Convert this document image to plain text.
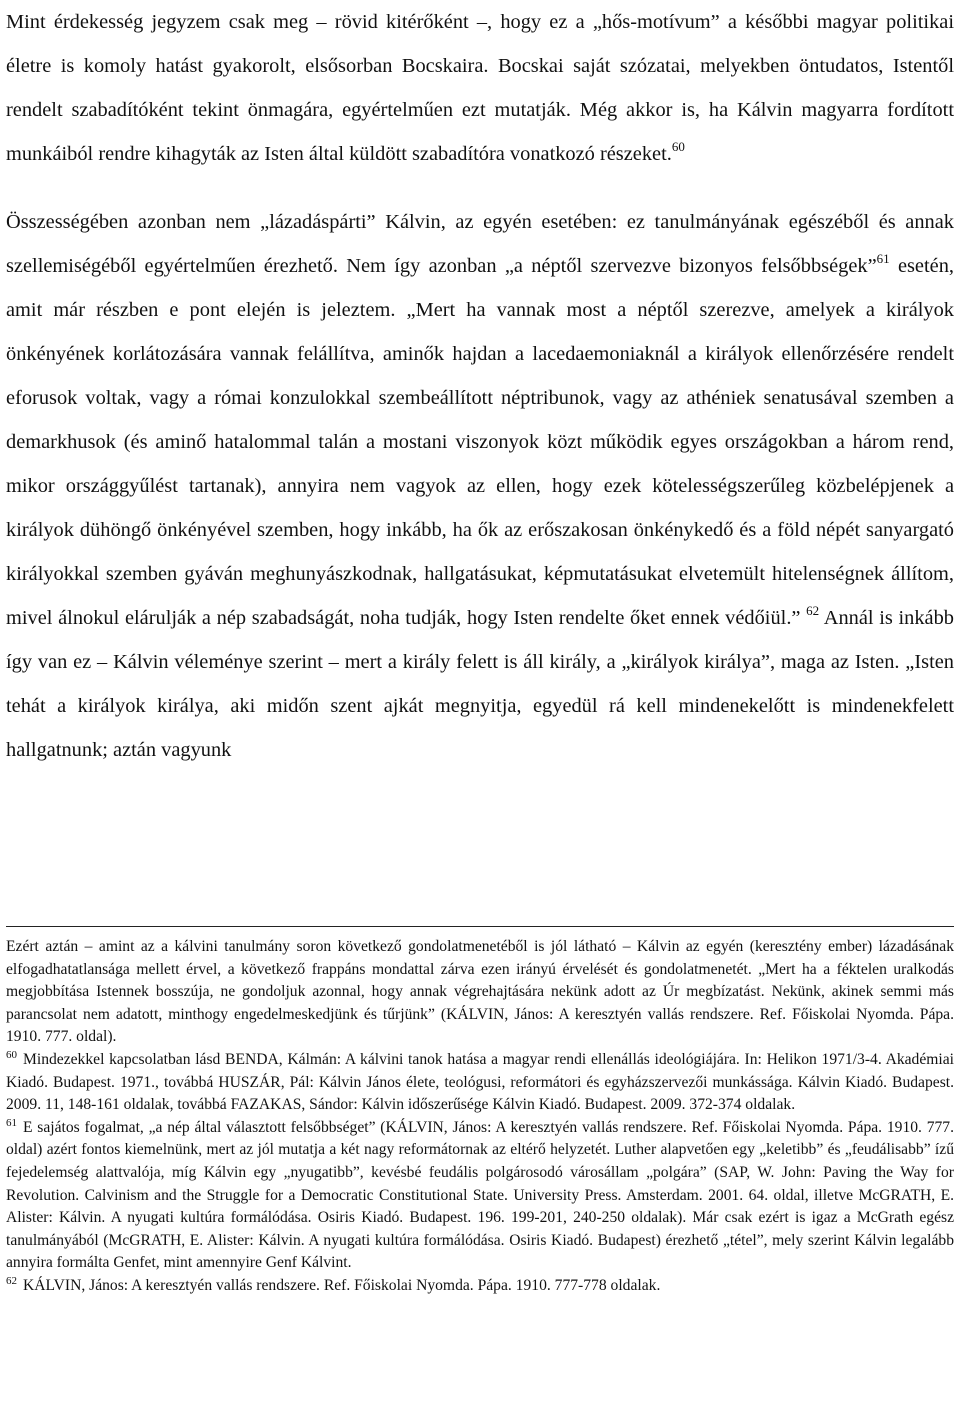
Mint érdekesség jegyzem csak meg – rövid kitérőként –, hogy ez a „hős-motívum” a későbbi magyar politikai életre is komoly hatást gyakorolt, elsősorban Bocskaira. Bocskai saját szózatai, melyekben öntudatos, Istentől rendelt szabadítóként tekint önmagára, egyértelműen ezt mutatják. Még akkor is, ha Kálvin magyarra fordított munkáiból rendre kihagyták az Isten által küldött szabadítóra vonatkozó részeket.$^{60}$

Összességében azonban nem „lázadáspárti” Kálvin, az egyén esetében: ez tanulmányának egészéből és annak szellemiségéből egyértelműen érezhető. Nem így azonban „a néptől szervezve bizonyos felsőbbségek”$^{61}$ esetén, amit már részben e pont elején is jeleztem. „Mert ha vannak most a néptől szerezve, amelyek a királyok önkényének korlátozására vannak felállítva, aminők hajdan a lacedaemoniaknál a királyok ellenőrzésére rendelt eforusok voltak, vagy a római konzulokkal szembeállított néptribunok, vagy az athéniek senatusával szemben a demarkhusok (és aminő hatalommal talán a mostani viszonyok közt működik egyes országokban a három rend, mikor országgyűlést tartanak), annyira nem vagyok az ellen, hogy ezek kötelességszerűleg közbelépjenek a királyok dühöngő önkényével szemben, hogy inkább, ha ők az erőszakosan önkénykedő és a föld népét sanyargató királyokkal szemben gyáván meghunyászkodnak, hallgatásukat, képmutatásukat elvetemült hitelenségnek állítom, mivel álnokul elárulják a nép szabadságát, noha tudják, hogy Isten rendelte őket ennek védőiül.” $^{62}$ Annál is inkább így van ez – Kálvin véleménye szerint – mert a király felett is áll király, a „királyok királya”, maga az Isten. „Isten tehát a királyok királya, aki midőn szent ajkát megnyitja, egyedül rá kell mindenekelőtt is mindenekfelett hallgatnunk; aztán vagyunk

Ezért aztán – amint az a kálvini tanulmány soron következő gondolatmenetéből is jól látható – Kálvin az egyén (keresztény ember) lázadásának elfogadhatatlansága mellett érvel, a következő frappáns mondattal zárva ezen irányú érvelését és gondolatmenetét. „Mert ha a féktelen uralkodás megjobbítása Istennek bosszúja, ne gondoljuk azonnal, hogy annak végrehajtására nekünk adott az Úr megbízatást. Nekünk, akinek semmi más parancsolat nem adatott, minthogy engedelmeskedjünk és tűrjünk” (KÁLVIN, János: A keresztyén vallás rendszere. Ref. Főiskolai Nyomda. Pápa. 1910. 777. oldal).

$^{60}$ Mindezekkel kapcsolatban lásd BENDA, Kálmán: A kálvini tanok hatása a magyar rendi ellenállás ideológiájára. In: Helikon 1971/3-4. Akadémiai Kiadó. Budapest. 1971., továbbá HUSZÁR, Pál: Kálvin János élete, teológusi, reformátori és egyházszervezői munkássága. Kálvin Kiadó. Budapest. 2009. 11, 148-161 oldalak, továbbá FAZAKAS, Sándor: Kálvin időszerűsége Kálvin Kiadó. Budapest. 2009. 372-374 oldalak.

$^{61}$ E sajátos fogalmat, „a nép által választott felsőbbséget” (KÁLVIN, János: A keresztyén vallás rendszere. Ref. Főiskolai Nyomda. Pápa. 1910. 777. oldal) azért fontos kiemelnünk, mert az jól mutatja a két nagy reformátornak az eltérő helyzetét. Luther alapvetően egy „keletibb” és „feudálisabb” ízű fejedelemség alattvalója, míg Kálvin egy „nyugatibb”, kevésbé feudális polgárosodó városállam „polgára” (SAP, W. John: Paving the Way for Revolution. Calvinism and the Struggle for a Democratic Constitutional State. University Press. Amsterdam. 2001. 64. oldal, illetve McGRATH, E. Alister: Kálvin. A nyugati kultúra formálódása. Osiris Kiadó. Budapest. 196. 199-201, 240-250 oldalak). Már csak ezért is igaz a McGrath egész tanulmányából (McGRATH, E. Alister: Kálvin. A nyugati kultúra formálódása. Osiris Kiadó. Budapest) érezhető „tétel”, mely szerint Kálvin legalább annyira formálta Genfet, mint amennyire Genf Kálvint.

$^{62}$ KÁLVIN, János: A keresztyén vallás rendszere. Ref. Főiskolai Nyomda. Pápa. 1910. 777-778 oldalak.
